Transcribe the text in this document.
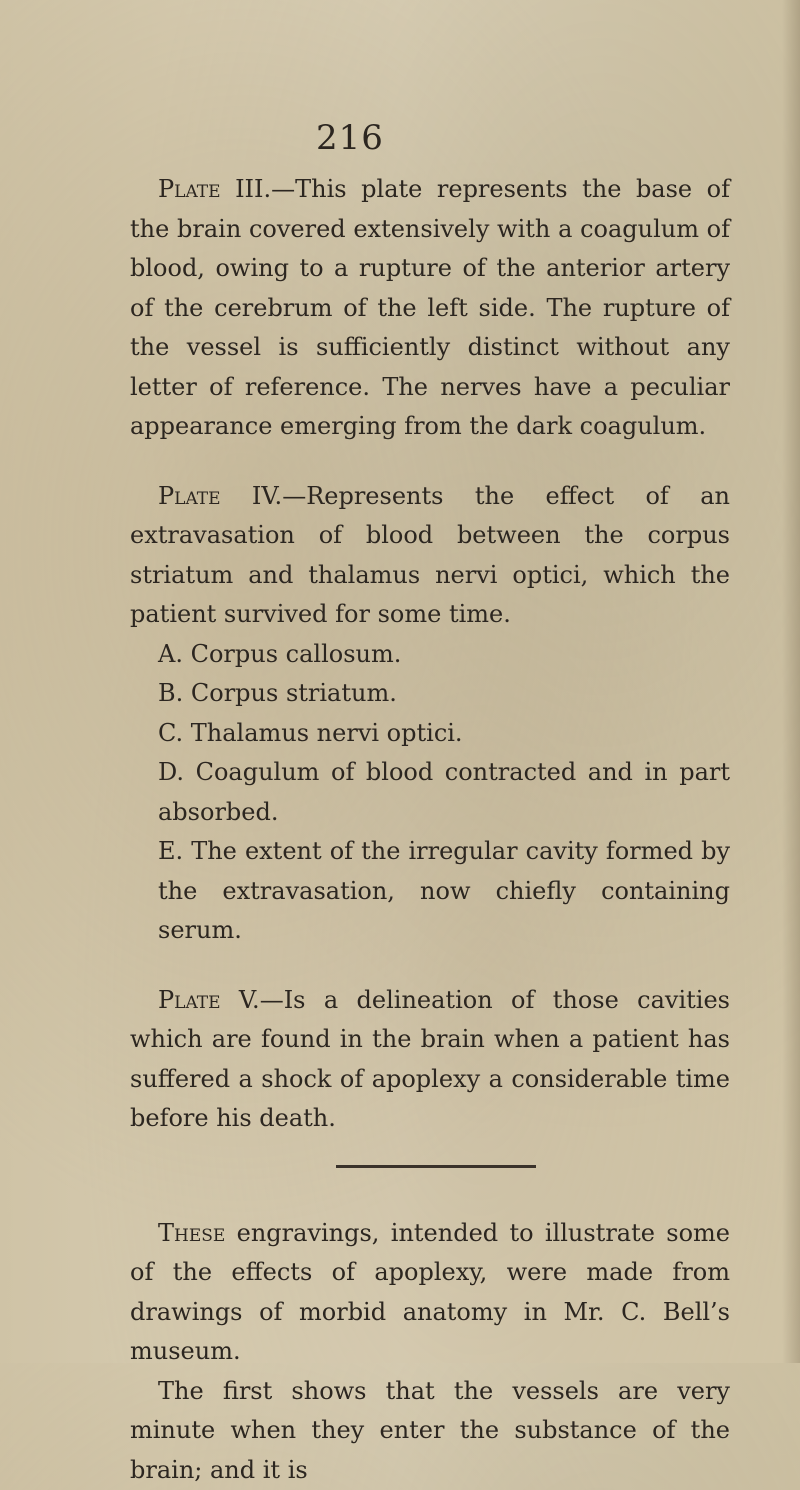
216

Plate III.—This plate represents the base of the brain covered extensively with a coagulum of blood, owing to a rupture of the anterior artery of the cerebrum of the left side. The rupture of the vessel is sufficiently distinct without any letter of reference. The nerves have a peculiar appearance emerging from the dark coagulum.

Plate IV.—Represents the effect of an extravasation of blood between the corpus striatum and thalamus nervi optici, which the patient survived for some time.

A. Corpus callosum.
B. Corpus striatum.
C. Thalamus nervi optici.
D. Coagulum of blood contracted and in part absorbed.
E. The extent of the irregular cavity formed by the extravasation, now chiefly containing serum.

Plate V.—Is a delineation of those cavities which are found in the brain when a patient has suffered a shock of apoplexy a considerable time before his death.

These engravings, intended to illustrate some of the effects of apoplexy, were made from drawings of morbid anatomy in Mr. C. Bell’s museum.

The first shows that the vessels are very minute when they enter the substance of the brain; and it is
